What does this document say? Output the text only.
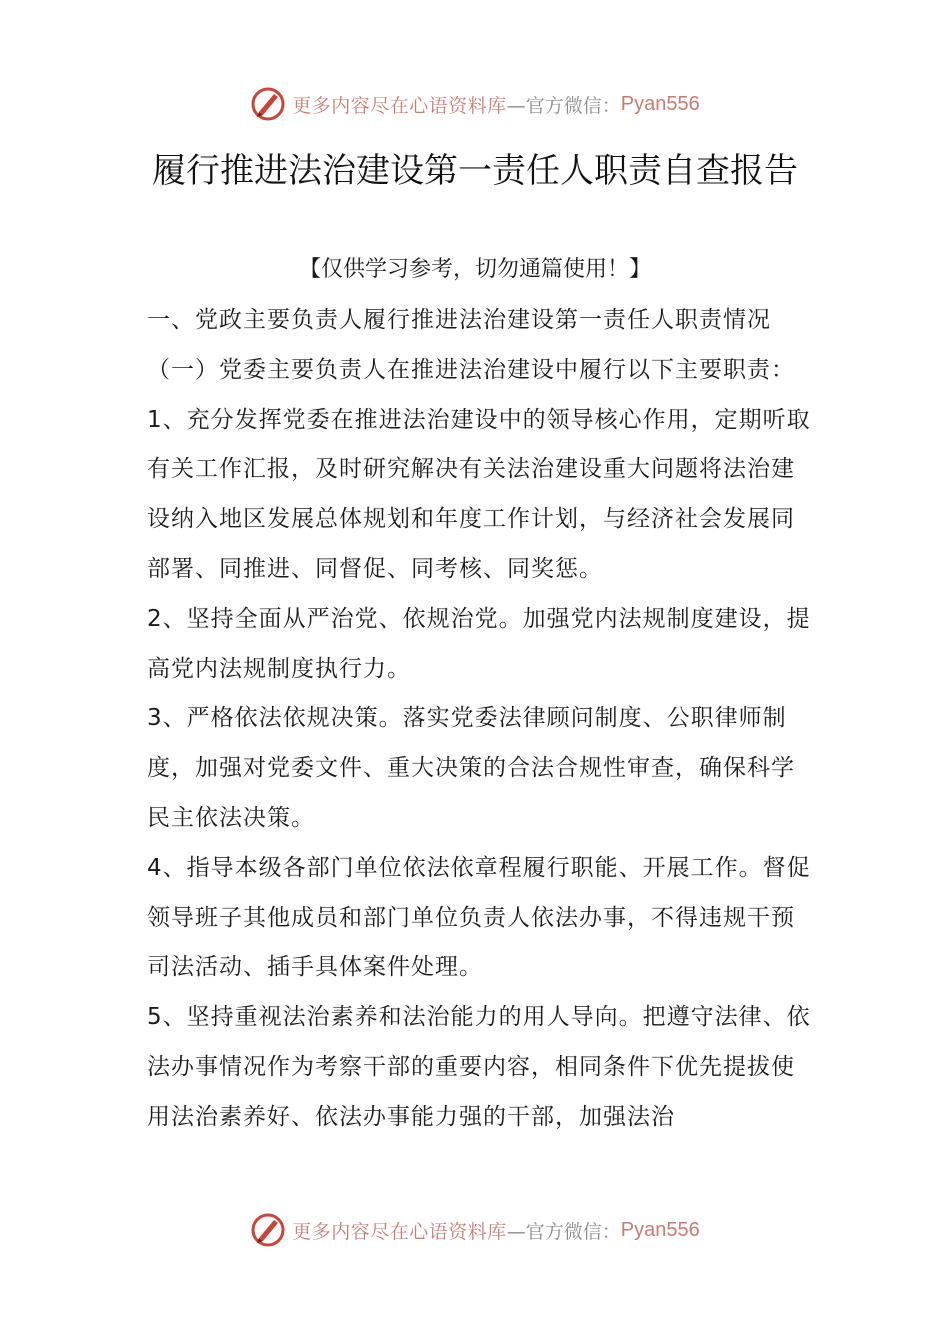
更多内容尽在心语资料库 —官方微信： Pyan556
履行推进法治建设第一责任人职责自查报告
【仅供学习参考，切勿通篇使用！】

一、党政主要负责人履行推进法治建设第一责任人职责情况（一）党委主要负责人在推进法治建设中履行以下主要职责：

1、充分发挥党委在推进法治建设中的领导核心作用，定期听取有关工作汇报，及时研究解决有关法治建设重大问题将法治建设纳入地区发展总体规划和年度工作计划，与经济社会发展同部署、同推进、同督促、同考核、同奖惩。

2、坚持全面从严治党、依规治党。加强党内法规制度建设，提高党内法规制度执行力。

3、严格依法依规决策。落实党委法律顾问制度、公职律师制度，加强对党委文件、重大决策的合法合规性审查，确保科学民主依法决策。

4、指导本级各部门单位依法依章程履行职能、开展工作。督促领导班子其他成员和部门单位负责人依法办事，不得违规干预司法活动、插手具体案件处理。

5、坚持重视法治素养和法治能力的用人导向。把遵守法律、依法办事情况作为考察干部的重要内容，相同条件下优先提拔使用法治素养好、依法办事能力强的干部，加强法治

更多内容尽在心语资料库 —官方微信： Pyan556
